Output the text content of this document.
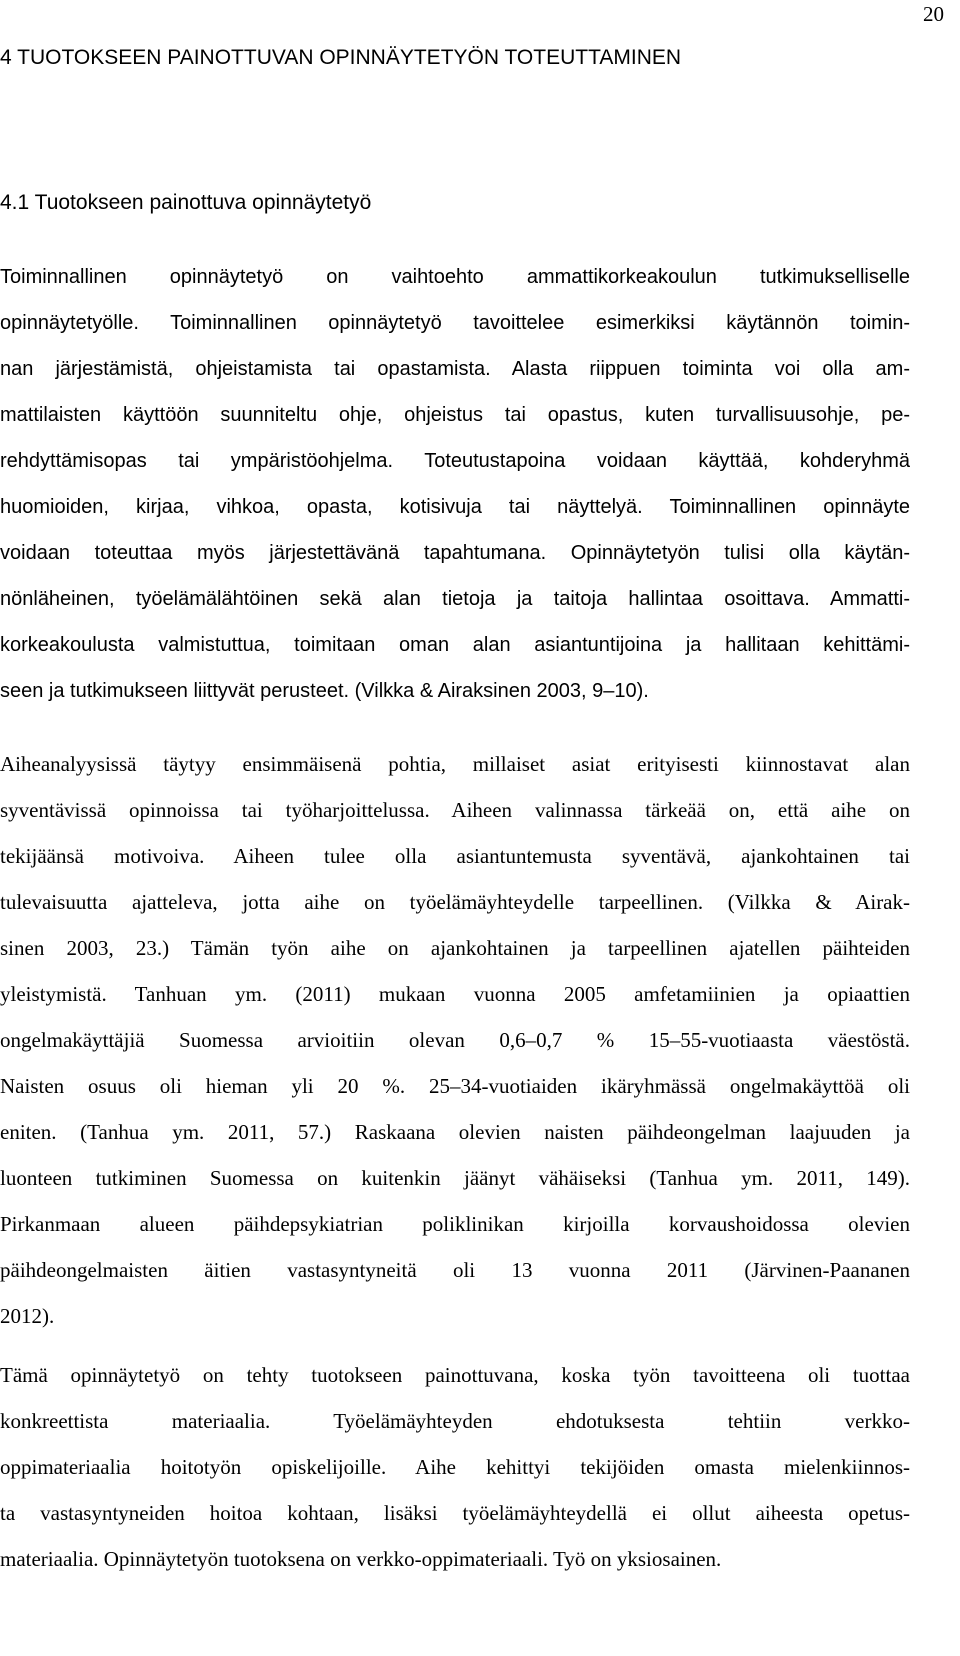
20
4 TUOTOKSEEN PAINOTTUVAN OPINNÄYTETYÖN TOTEUTTAMINEN
4.1 Tuotokseen painottuva opinnäytetyö
Toiminnallinen opinnäytetyö on vaihtoehto ammattikorkeakoulun tutkimukselliselle
opinnäytetyölle. Toiminnallinen opinnäytetyö tavoittelee esimerkiksi käytännön toimin-
nan järjestämistä, ohjeistamista tai opastamista. Alasta riippuen toiminta voi olla am-
mattilaisten käyttöön suunniteltu ohje, ohjeistus tai opastus, kuten turvallisuusohje, pe-
rehdyttämisopas tai ympäristöohjelma. Toteutustapoina voidaan käyttää, kohderyhmä
huomioiden, kirjaa, vihkoa, opasta, kotisivuja tai näyttelyä. Toiminnallinen opinnäyte
voidaan toteuttaa myös järjestettävänä tapahtumana. Opinnäytetyön tulisi olla käytän-
nönläheinen, työelämälähtöinen sekä alan tietoja ja taitoja hallintaa osoittava. Ammatti-
korkeakoulusta valmistuttua, toimitaan oman alan asiantuntijoina ja hallitaan kehittämi-
seen ja tutkimukseen liittyvät perusteet. (Vilkka & Airaksinen 2003, 9–10).
Aiheanalyysissä täytyy ensimmäisenä pohtia, millaiset asiat erityisesti kiinnostavat alan
syventävissä opinnoissa tai työharjoittelussa. Aiheen valinnassa tärkeää on, että aihe on
tekijäänsä motivoiva. Aiheen tulee olla asiantuntemusta syventävä, ajankohtainen tai
tulevaisuutta ajatteleva, jotta aihe on työelämäyhteydelle tarpeellinen. (Vilkka & Airak-
sinen 2003, 23.) Tämän työn aihe on ajankohtainen ja tarpeellinen ajatellen päihteiden
yleistymistä. Tanhuan ym. (2011) mukaan vuonna 2005 amfetamiinien ja opiaattien
ongelmakäyttäjiä Suomessa arvioitiin olevan 0,6–0,7 % 15–55-vuotiaasta väestöstä.
Naisten osuus oli hieman yli 20 %. 25–34-vuotiaiden ikäryhmässä ongelmakäyttöä oli
eniten. (Tanhua ym. 2011, 57.) Raskaana olevien naisten päihdeongelman laajuuden ja
luonteen tutkiminen Suomessa on kuitenkin jäänyt vähäiseksi (Tanhua ym. 2011, 149).
Pirkanmaan alueen päihdepsykiatrian poliklinikan kirjoilla korvaushoidossa olevien
päihdeongelmaisten äitien vastasyntyneitä oli 13 vuonna 2011 (Järvinen-Paananen
2012).
Tämä opinnäytetyö on tehty tuotokseen painottuvana, koska työn tavoitteena oli tuottaa
konkreettista materiaalia. Työelämäyhteyden ehdotuksesta tehtiin verkko-
oppimateriaalia hoitotyön opiskelijoille. Aihe kehittyi tekijöiden omasta mielenkiinnos-
ta vastasyntyneiden hoitoa kohtaan, lisäksi työelämäyhteydellä ei ollut aiheesta opetus-
materiaalia. Opinnäytetyön tuotoksena on verkko-oppimateriaali. Työ on yksiosainen.
